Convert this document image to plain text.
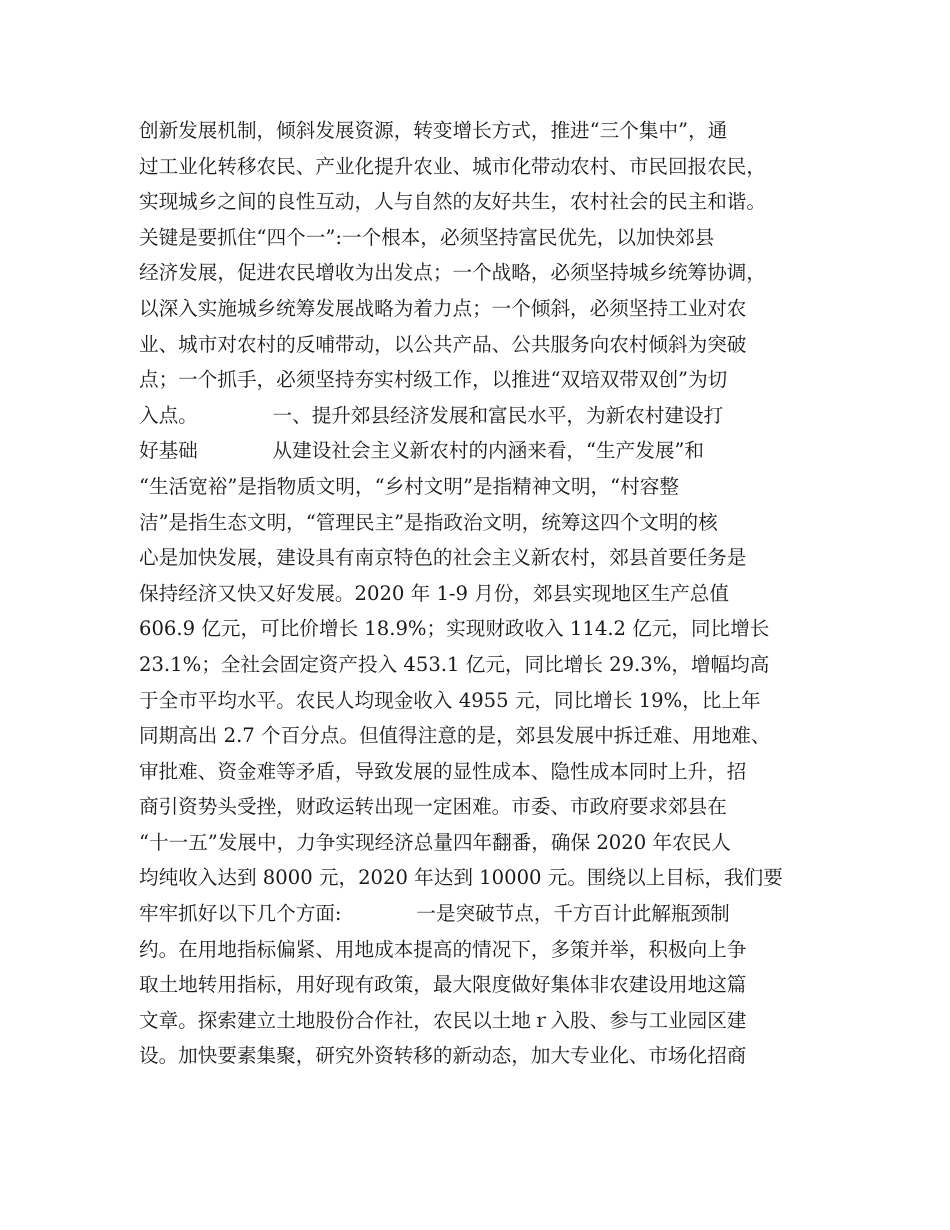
创新发展机制，倾斜发展资源，转变增长方式，推进“三个集中”，通
过工业化转移农民、产业化提升农业、城市化带动农村、市民回报农民，
实现城乡之间的良性互动，人与自然的友好共生，农村社会的民主和谐。
关键是要抓住“四个一”:一个根本，必须坚持富民优先，以加快郊县
经济发展，促进农民增收为出发点；一个战略，必须坚持城乡统筹协调，
以深入实施城乡统筹发展战略为着力点；一个倾斜，必须坚持工业对农
业、城市对农村的反哺带动，以公共产品、公共服务向农村倾斜为突破
点；一个抓手，必须坚持夯实村级工作，以推进“双培双带双创”为切
入点。            一、提升郊县经济发展和富民水平，为新农村建设打
好基础            从建设社会主义新农村的内涵来看，“生产发展”和
“生活宽裕”是指物质文明，“乡村文明”是指精神文明，“村容整
洁”是指生态文明，“管理民主”是指政治文明，统筹这四个文明的核
心是加快发展，建设具有南京特色的社会主义新农村，郊县首要任务是
保持经济又快又好发展。2020 年 1-9 月份，郊县实现地区生产总值
606.9 亿元，可比价增长 18.9%；实现财政收入 114.2 亿元，同比增长
23.1%；全社会固定资产投入 453.1 亿元，同比增长 29.3%，增幅均高
于全市平均水平。农民人均现金收入 4955 元，同比增长 19%，比上年
同期高出 2.7 个百分点。但值得注意的是，郊县发展中拆迁难、用地难、
审批难、资金难等矛盾，导致发展的显性成本、隐性成本同时上升，招
商引资势头受挫，财政运转出现一定困难。市委、市政府要求郊县在
“十一五”发展中，力争实现经济总量四年翻番，确保 2020 年农民人
均纯收入达到 8000 元，2020 年达到 10000 元。围绕以上目标，我们要
牢牢抓好以下几个方面:            一是突破节点，千方百计此解瓶颈制
约。在用地指标偏紧、用地成本提高的情况下，多策并举，积极向上争
取土地转用指标，用好现有政策，最大限度做好集体非农建设用地这篇
文章。探索建立土地股份合作社，农民以土地ｒ入股、参与工业园区建
设。加快要素集聚，研究外资转移的新动态，加大专业化、市场化招商
